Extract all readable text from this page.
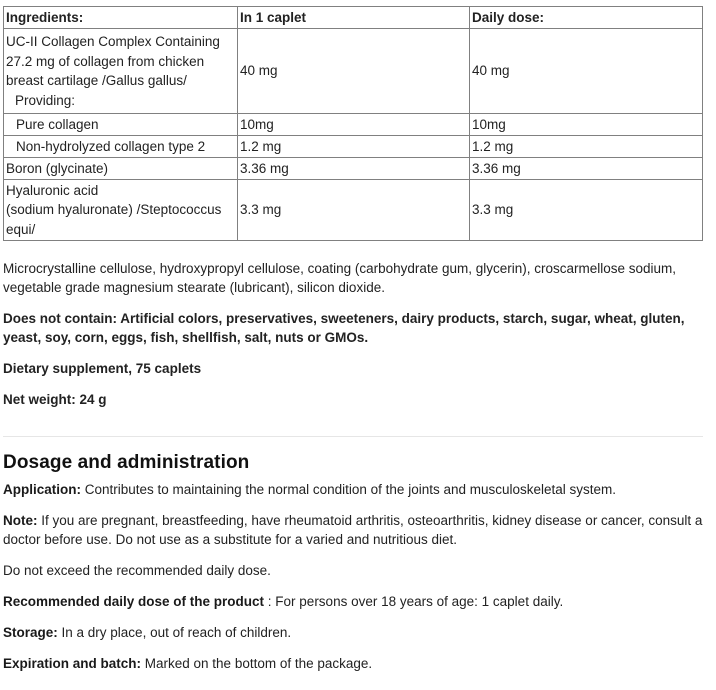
Ingredients:	In 1 caplet	Daily dose:

UC-II Collagen Complex Containing
27.2 mg of collagen from chicken
breast cartilage /Gallus gallus/
Providing:	40 mg	40 mg
Pure collagen	10mg	10mg
Non-hydrolyzed collagen type 2	1.2 mg	1.2 mg
Boron (glycinate)	3.36 mg	3.36 mg

Hyaluronic acid
(sodium hyaluronate) /Steptococcus
equi/	3.3 mg	3.3 mg

Microcrystalline cellulose, hydroxypropyl cellulose, coating (carbohydrate gum, glycerin), croscarmellose sodium, vegetable grade magnesium stearate (lubricant), silicon dioxide.

Does not contain: Artificial colors, preservatives, sweeteners, dairy products, starch, sugar, wheat, gluten, yeast, soy, corn, eggs, fish, shellfish, salt, nuts or GMOs.

Dietary supplement, 75 caplets

Net weight: 24 g

Dosage and administration

Application: Contributes to maintaining the normal condition of the joints and musculoskeletal system.

Note: If you are pregnant, breastfeeding, have rheumatoid arthritis, osteoarthritis, kidney disease or cancer, consult a doctor before use. Do not use as a substitute for a varied and nutritious diet.

Do not exceed the recommended daily dose.

Recommended daily dose of the product : For persons over 18 years of age: 1 caplet daily.

Storage: In a dry place, out of reach of children.

Expiration and batch: Marked on the bottom of the package.
